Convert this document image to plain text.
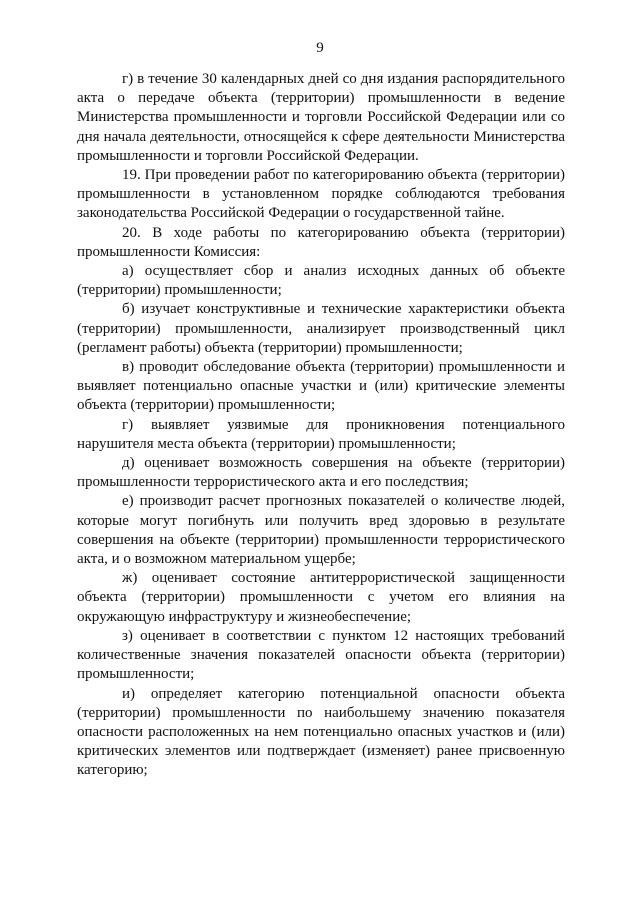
9

г) в течение 30 календарных дней со дня издания распорядительного акта о передаче объекта (территории) промышленности в ведение Министерства промышленности и торговли Российской Федерации или со дня начала деятельности, относящейся к сфере деятельности Министерства промышленности и торговли Российской Федерации.

19. При проведении работ по категорированию объекта (территории) промышленности в установленном порядке соблюдаются требования законодательства Российской Федерации о государственной тайне.

20. В ходе работы по категорированию объекта (территории) промышленности Комиссия:

а) осуществляет сбор и анализ исходных данных об объекте (территории) промышленности;

б) изучает конструктивные и технические характеристики объекта (территории) промышленности, анализирует производственный цикл (регламент работы) объекта (территории) промышленности;

в) проводит обследование объекта (территории) промышленности и выявляет потенциально опасные участки и (или) критические элементы объекта (территории) промышленности;

г) выявляет уязвимые для проникновения потенциального нарушителя места объекта (территории) промышленности;

д) оценивает возможность совершения на объекте (территории) промышленности террористического акта и его последствия;

е) производит расчет прогнозных показателей о количестве людей, которые могут погибнуть или получить вред здоровью в результате совершения на объекте (территории) промышленности террористического акта, и о возможном материальном ущербе;

ж) оценивает состояние антитеррористической защищенности объекта (территории) промышленности с учетом его влияния на окружающую инфраструктуру и жизнеобеспечение;

з) оценивает в соответствии с пунктом 12 настоящих требований количественные значения показателей опасности объекта (территории) промышленности;

и) определяет категорию потенциальной опасности объекта (территории) промышленности по наибольшему значению показателя опасности расположенных на нем потенциально опасных участков и (или) критических элементов или подтверждает (изменяет) ранее присвоенную категорию;
